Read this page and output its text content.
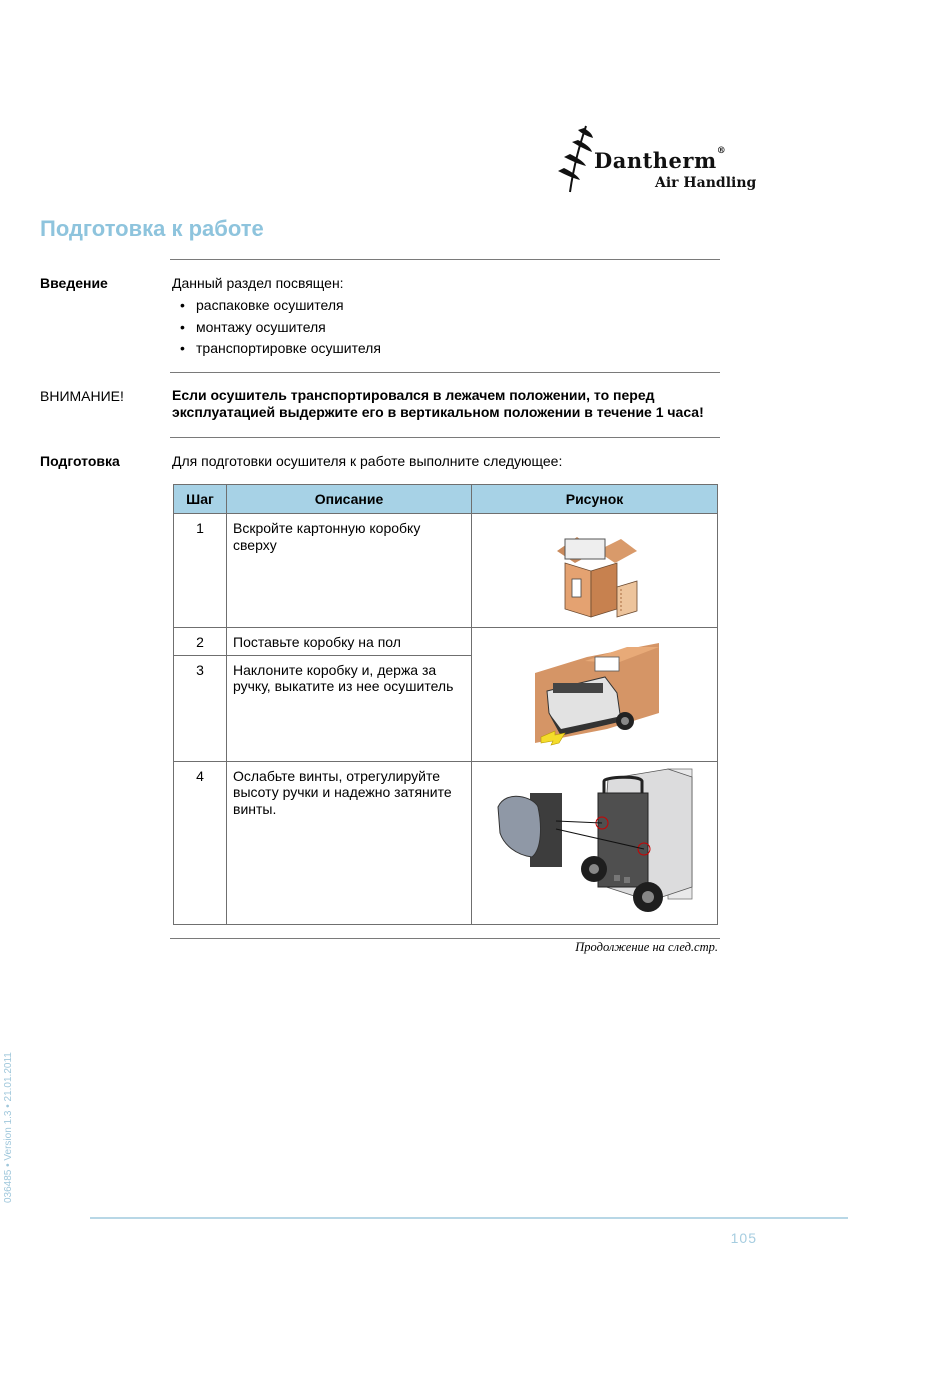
Dantherm®
Air Handling
Подготовка к работе
Введение	Данный раздел посвящен:
• распаковке осушителя
• монтажу осушителя
• транспортировке осушителя
ВНИМАНИЕ!	Если осушитель транспортировался в лежачем положении, то перед
эксплуатацией выдержите его в вертикальном положении в течение 1 часа!
Подготовка	Для подготовки осушителя к работе выполните следующее:
Шаг	Описание	Рисунок
1	Вскройте картонную коробку сверху	
2	Поставьте коробку на пол	
3	Наклоните коробку и, держа за ручку, выкатите из нее осушитель	
4	Ослабьте винты, отрегулируйте высоту ручки и надежно затяните винты.	
Продолжение на след.стр.
036485 • Version 1.3 • 21.01.2011
105
